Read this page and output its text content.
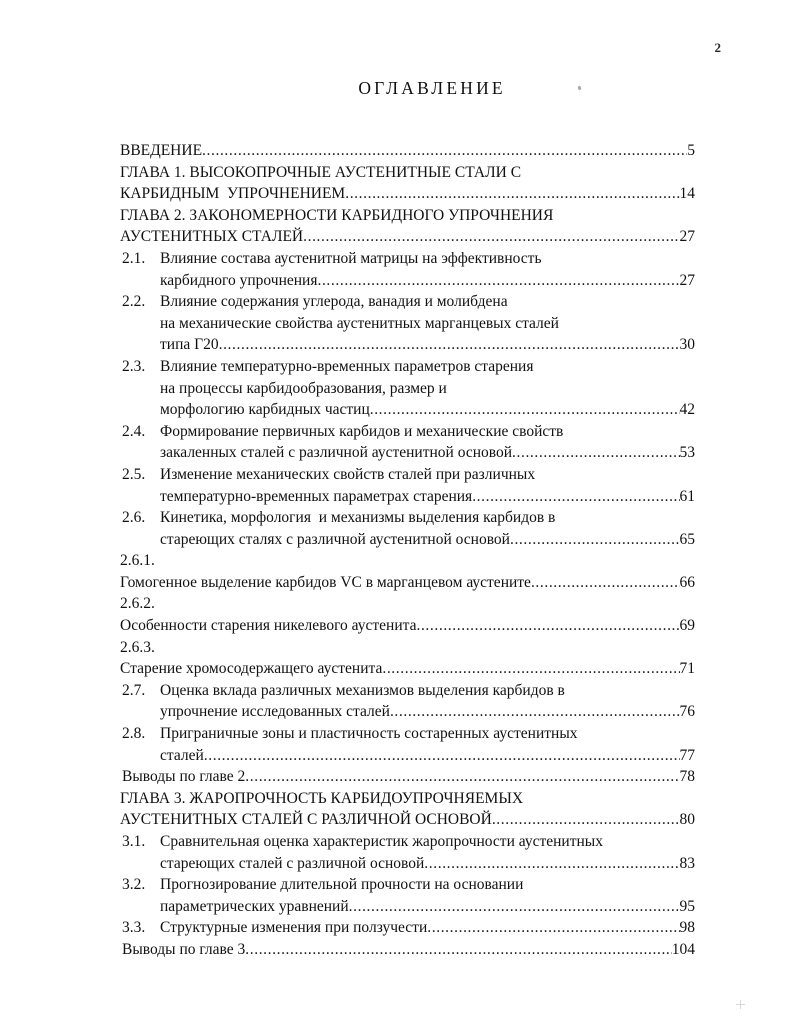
2
ОГЛАВЛЕНИЕ
ВВЕДЕНИЕ .....	5
ГЛАВА 1. ВЫСОКОПРОЧНЫЕ АУСТЕНИТНЫЕ СТАЛИ С
КАРБИДНЫМ  УПРОЧНЕНИЕМ .....	14
ГЛАВА 2. ЗАКОНОМЕРНОСТИ КАРБИДНОГО УПРОЧНЕНИЯ
АУСТЕНИТНЫХ СТАЛЕЙ .....	27
2.1. Влияние состава аустенитной матрицы на эффективность
карбидного упрочнения .....	27
2.2. Влияние содержания углерода, ванадия и молибдена
на механические свойства аустенитных марганцевых сталей
типа Г20 .....	30
2.3. Влияние температурно-временных параметров старения
на процессы карбидообразования, размер и
морфологию карбидных частиц .....	42
2.4. Формирование первичных карбидов и механические свойств
закаленных сталей с различной аустенитной основой .....	53
2.5. Изменение механических свойств сталей при различных
температурно-временных параметрах старения .....	61
2.6. Кинетика, морфология  и механизмы выделения карбидов в
стареющих сталях с различной аустенитной основой .....	65
2.6.1.
Гомогенное выделение карбидов VC в марганцевом аустените .....	66
2.6.2.
Особенности старения никелевого аустенита .....	69
2.6.3.
Старение хромосодержащего аустенита .....	71
2.7. Оценка вклада различных механизмов выделения карбидов в
упрочнение исследованных сталей .....	76
2.8. Приграничные зоны и пластичность состаренных аустенитных
сталей .....	77
Выводы по главе 2 .....	78
ГЛАВА 3. ЖАРОПРОЧНОСТЬ КАРБИДОУПРОЧНЯЕМЫХ
АУСТЕНИТНЫХ СТАЛЕЙ С РАЗЛИЧНОЙ ОСНОВОЙ .....	80
3.1. Сравнительная оценка характеристик жаропрочности аустенитных
стареющих сталей с различной основой .....	83
3.2. Прогнозирование длительной прочности на основании
параметрических уравнений .....	95
3.3. Структурные изменения при ползучести .....	98
Выводы по главе 3 .....	104
